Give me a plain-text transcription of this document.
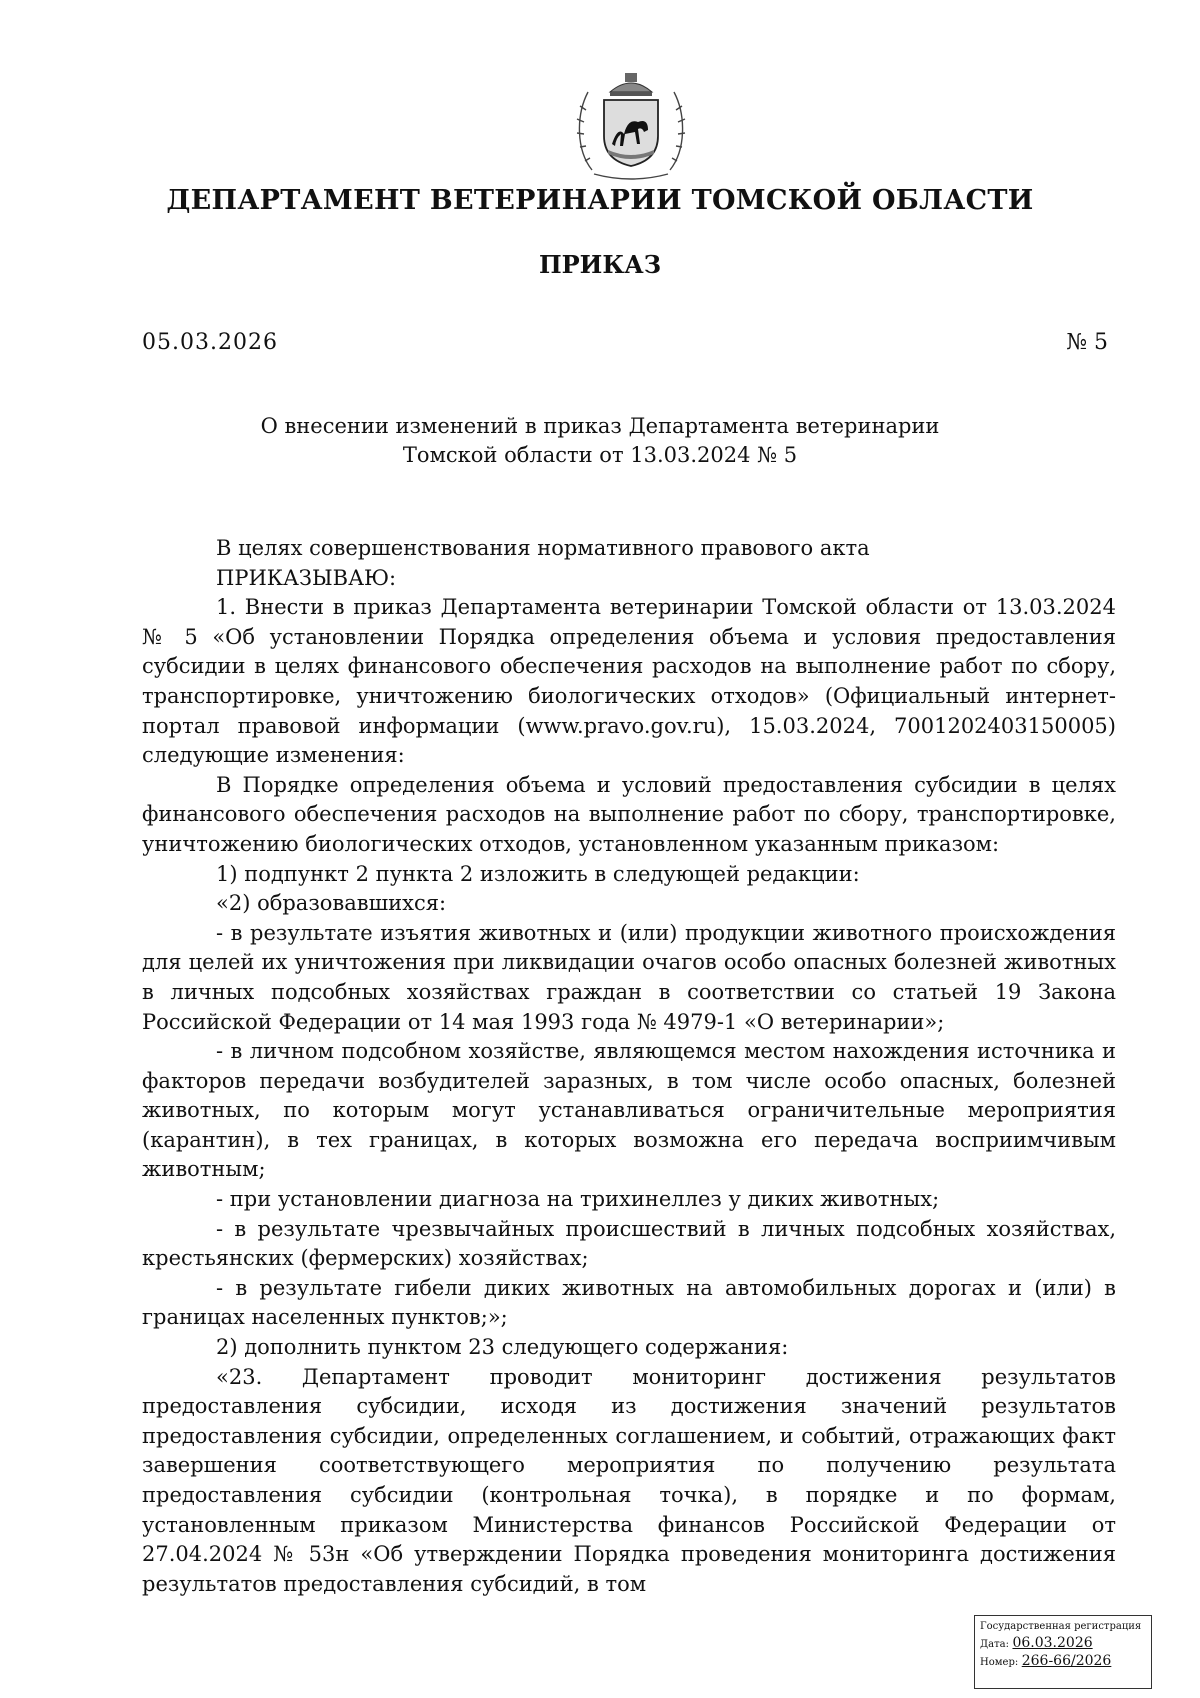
ДЕПАРТАМЕНТ ВЕТЕРИНАРИИ ТОМСКОЙ ОБЛАСТИ
ПРИКАЗ
05.03.2026	№ 5
О внесении изменений в приказ Департамента ветеринарии
Томской области от 13.03.2024 № 5

В целях совершенствования нормативного правового акта

ПРИКАЗЫВАЮ:

1. Внести в приказ Департамента ветеринарии Томской области от 13.03.2024 № 5 «Об установлении Порядка определения объема и условия предоставления субсидии в целях финансового обеспечения расходов на выполнение работ по сбору, транспортировке, уничтожению биологических отходов» (Официальный интернет-портал правовой информации (www.pravo.gov.ru), 15.03.2024, 7001202403150005) следующие изменения:

В Порядке определения объема и условий предоставления субсидии в целях финансового обеспечения расходов на выполнение работ по сбору, транспортировке, уничтожению биологических отходов, установленном указанным приказом:

1) подпункт 2 пункта 2 изложить в следующей редакции:

«2) образовавшихся:

- в результате изъятия животных и (или) продукции животного происхождения для целей их уничтожения при ликвидации очагов особо опасных болезней животных в личных подсобных хозяйствах граждан в соответствии со статьей 19 Закона Российской Федерации от 14 мая 1993 года № 4979-1 «О ветеринарии»;

- в личном подсобном хозяйстве, являющемся местом нахождения источника и факторов передачи возбудителей заразных, в том числе особо опасных, болезней животных, по которым могут устанавливаться ограничительные мероприятия (карантин), в тех границах, в которых возможна его передача восприимчивым животным;

- при установлении диагноза на трихинеллез у диких животных;

- в результате чрезвычайных происшествий в личных подсобных хозяйствах, крестьянских (фермерских) хозяйствах;

- в результате гибели диких животных на автомобильных дорогах и (или) в границах населенных пунктов;»;

2) дополнить пунктом 23 следующего содержания:

«23. Департамент проводит мониторинг достижения результатов предоставления субсидии, исходя из достижения значений результатов предоставления субсидии, определенных соглашением, и событий, отражающих факт завершения соответствующего мероприятия по получению результата предоставления субсидии (контрольная точка), в порядке и по формам, установленным приказом Министерства финансов Российской Федерации от 27.04.2024 № 53н «Об утверждении Порядка проведения мониторинга достижения результатов предоставления субсидий, в том

Государственная регистрация
Дата: 06.03.2026
Номер: 266-66/2026
